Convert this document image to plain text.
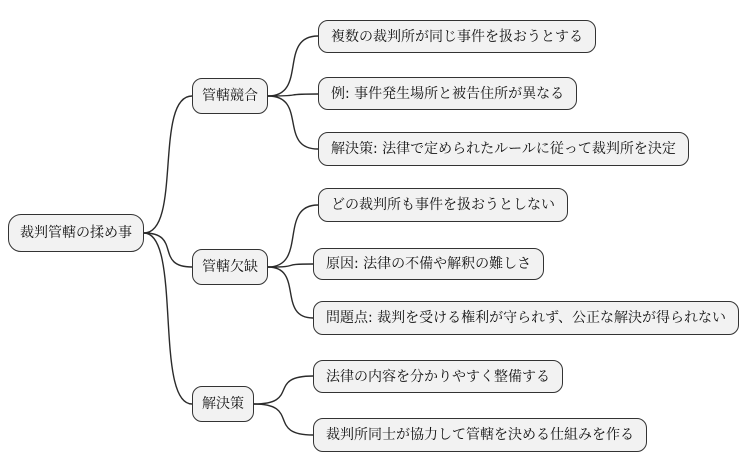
裁判管轄の揉め事
管轄競合
管轄欠缺
解決策
複数の裁判所が同じ事件を扱おうとする
例: 事件発生場所と被告住所が異なる
解決策: 法律で定められたルールに従って裁判所を決定
どの裁判所も事件を扱おうとしない
原因: 法律の不備や解釈の難しさ
問題点: 裁判を受ける権利が守られず、公正な解決が得られない
法律の内容を分かりやすく整備する
裁判所同士が協力して管轄を決める仕組みを作る
